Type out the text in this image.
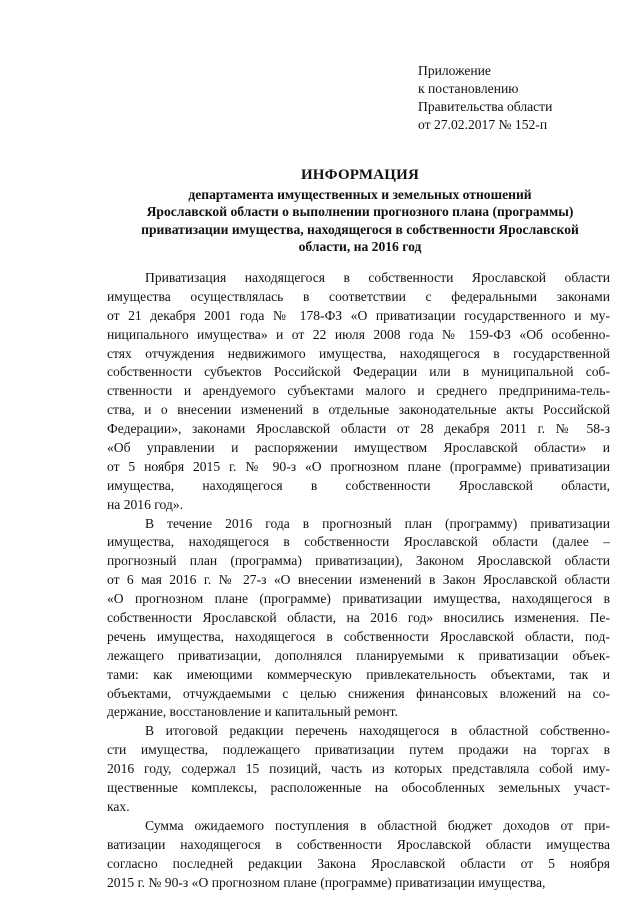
Приложение
к постановлению
Правительства области
от 27.02.2017 № 152-п
ИНФОРМАЦИЯ
департамента имущественных и земельных отношений
Ярославской области о выполнении прогнозного плана (программы)
приватизации имущества, находящегося в собственности Ярославской
области, на 2016 год
Приватизация находящегося в собственности Ярославской области
имущества осуществлялась в соответствии с федеральными законами
от 21 декабря 2001 года № 178-ФЗ «О приватизации государственного и му-
ниципального имущества» и от 22 июля 2008 года № 159-ФЗ «Об особенно-
стях отчуждения недвижимого имущества, находящегося в государственной
собственности субъектов Российской Федерации или в муниципальной соб-
ственности и арендуемого субъектами малого и среднего предпринима-тель-
ства, и о внесении изменений в отдельные законодательные акты Российской
Федерации», законами Ярославской области от 28 декабря 2011 г. № 58-з
«Об управлении и распоряжении имуществом Ярославской области» и
от 5 ноября 2015 г. № 90-з «О прогнозном плане (программе) приватизации
имущества, находящегося в собственности Ярославской области,
на 2016 год».
В течение 2016 года в прогнозный план (программу) приватизации
имущества, находящегося в собственности Ярославской области (далее –
прогнозный план (программа) приватизации), Законом Ярославской области
от 6 мая 2016 г. № 27-з «О внесении изменений в Закон Ярославской области
«О прогнозном плане (программе) приватизации имущества, находящегося в
собственности Ярославской области, на 2016 год» вносились изменения. Пе-
речень имущества, находящегося в собственности Ярославской области, под-
лежащего приватизации, дополнялся планируемыми к приватизации объек-
тами: как имеющими коммерческую привлекательность объектами, так и
объектами, отчуждаемыми с целью снижения финансовых вложений на со-
держание, восстановление и капитальный ремонт.
В итоговой редакции перечень находящегося в областной собственно-
сти имущества, подлежащего приватизации путем продажи на торгах в
2016 году, содержал 15 позиций, часть из которых представляла собой иму-
щественные комплексы, расположенные на обособленных земельных участ-
ках.
Сумма ожидаемого поступления в областной бюджет доходов от при-
ватизации находящегося в собственности Ярославской области имущества
согласно последней редакции Закона Ярославской области от 5 ноября
2015 г. № 90-з «О прогнозном плане (программе) приватизации имущества,
